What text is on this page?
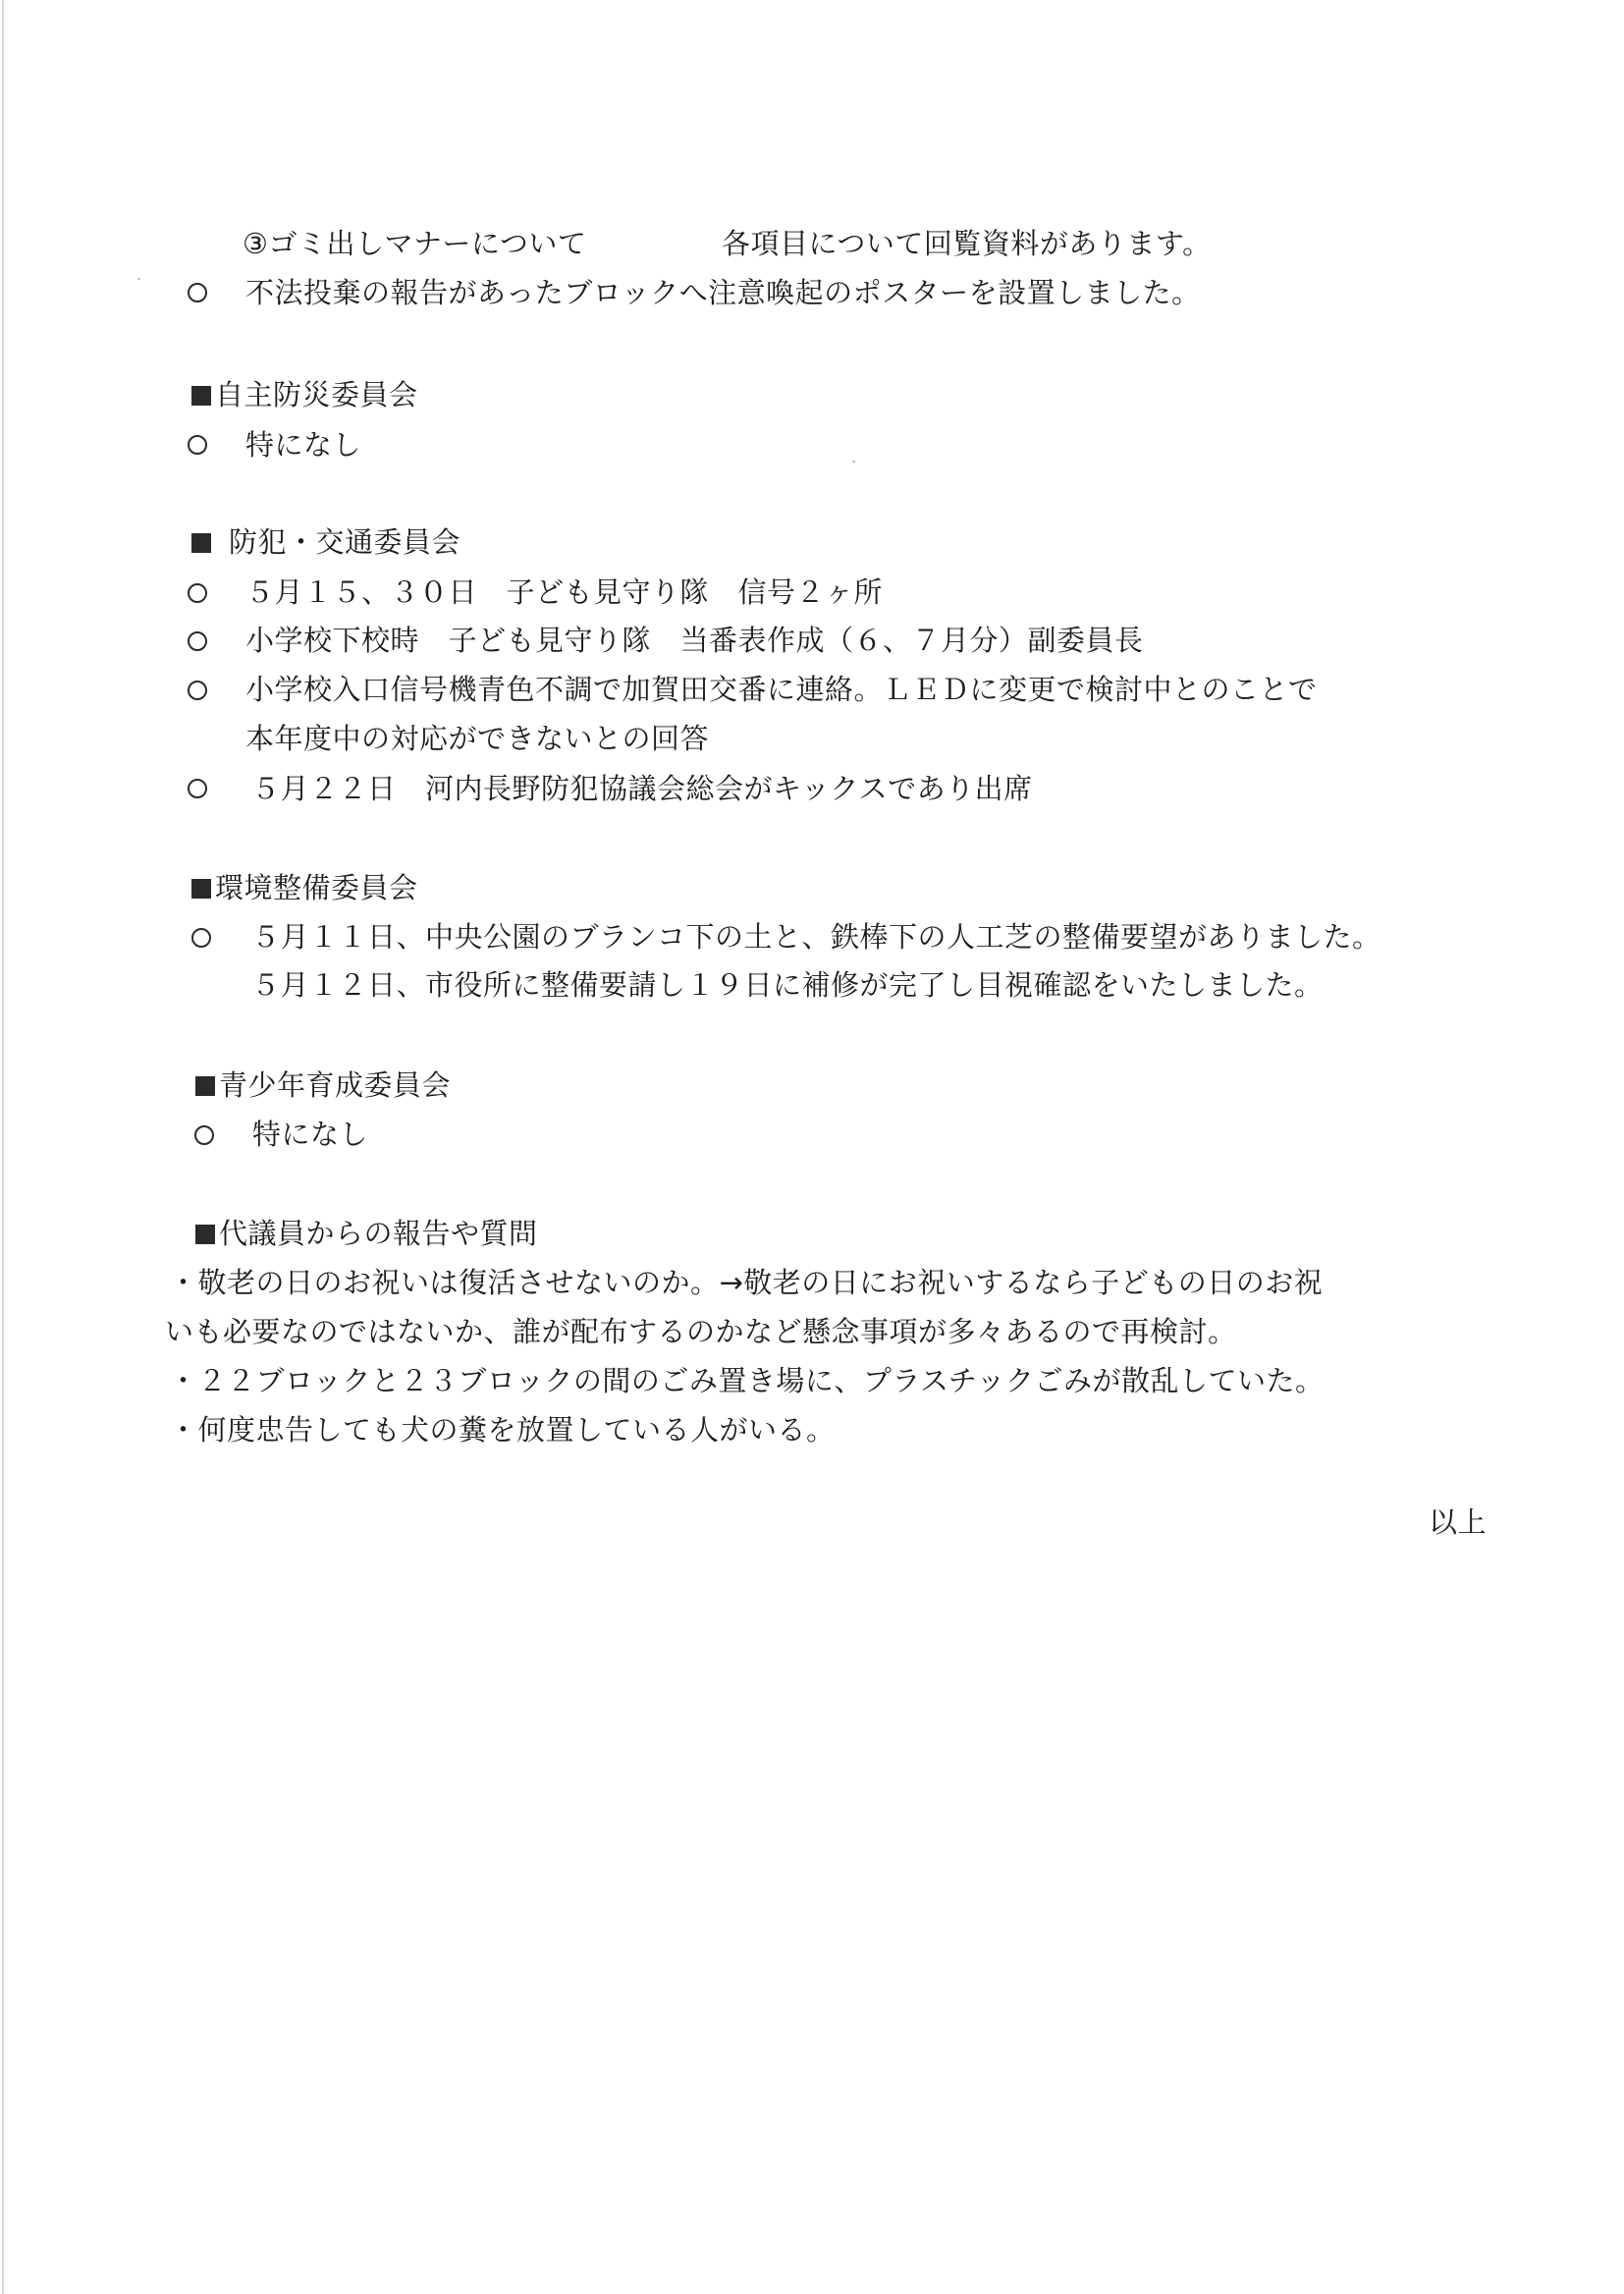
③ゴミ出しマナーについて	各項目について回覧資料があります。
不法投棄の報告があったブロックへ注意喚起のポスターを設置しました。
自主防災委員会
特になし
防犯・交通委員会
５月１５、３０日　子ども見守り隊　信号２ヶ所
小学校下校時　子ども見守り隊　当番表作成（６、７月分）副委員長
小学校入口信号機青色不調で加賀田交番に連絡。ＬＥＤに変更で検討中とのことで
本年度中の対応ができないとの回答
５月２２日　河内長野防犯協議会総会がキックスであり出席
環境整備委員会
５月１１日、中央公園のブランコ下の土と、鉄棒下の人工芝の整備要望がありました。
５月１２日、市役所に整備要請し１９日に補修が完了し目視確認をいたしました。
青少年育成委員会
特になし
代議員からの報告や質問
・敬老の日のお祝いは復活させないのか。→敬老の日にお祝いするなら子どもの日のお祝
いも必要なのではないか、誰が配布するのかなど懸念事項が多々あるので再検討。
・２２ブロックと２３ブロックの間のごみ置き場に、プラスチックごみが散乱していた。
・何度忠告しても犬の糞を放置している人がいる。
以上
